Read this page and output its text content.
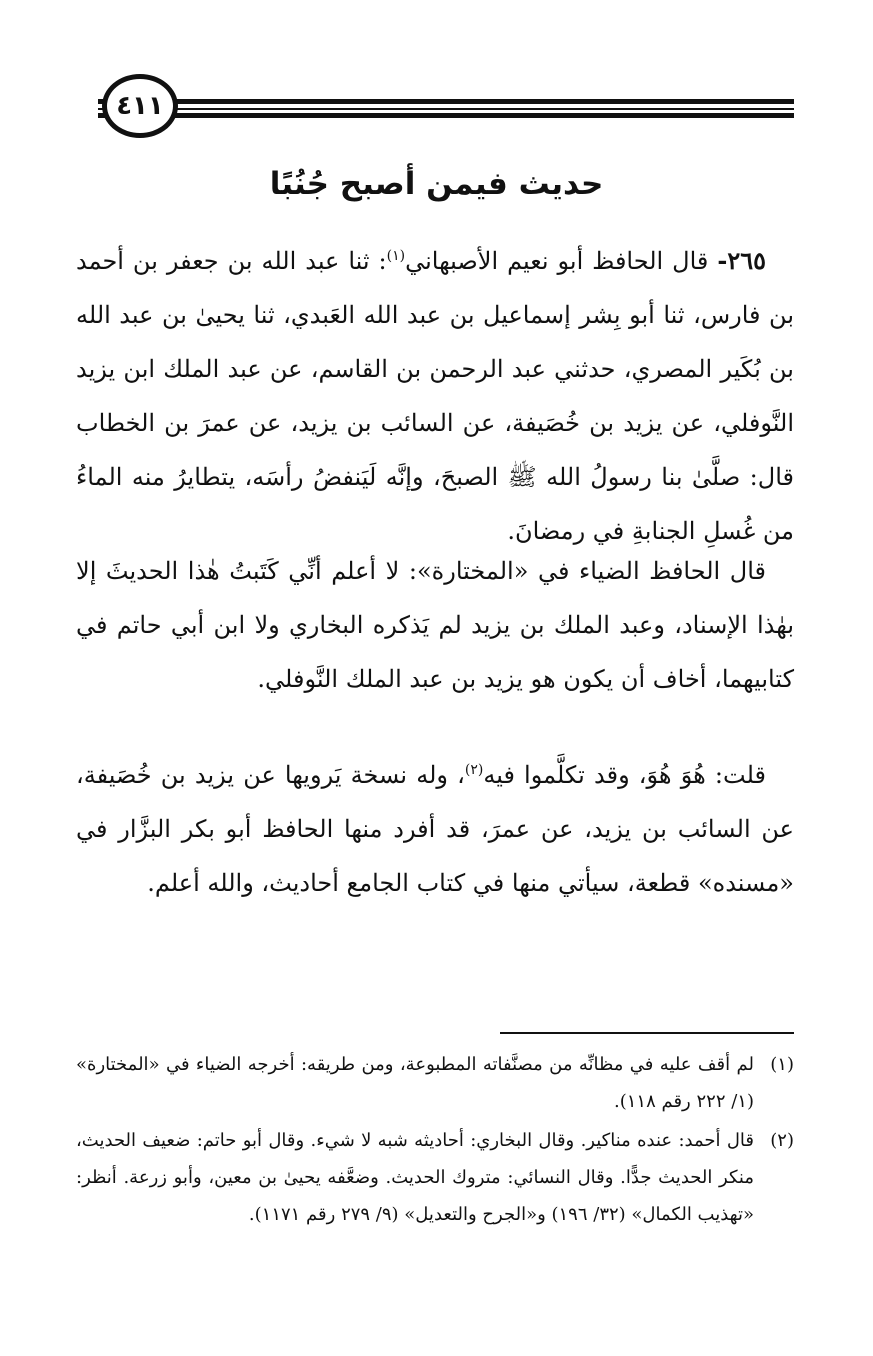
٤١١
حديث فيمن أصبح جُنُبًا

٢٦٥- قال الحافظ أبو نعيم الأصبهاني$^{(١)}$: ثنا عبد الله بن جعفر بن أحمد بن فارس، ثنا أبو بِشر إسماعيل بن عبد الله العَبدي، ثنا يحيىٰ بن عبد الله بن بُكَير المصري، حدثني عبد الرحمن بن القاسم، عن عبد الملك ابن يزيد النَّوفلي، عن يزيد بن خُصَيفة، عن السائب بن يزيد، عن عمرَ بن الخطاب قال: صلَّىٰ بنا رسولُ الله ﷺ الصبحَ، وإنَّه لَيَنفضُ رأسَه، يتطايرُ منه الماءُ من غُسلِ الجنابةِ في رمضانَ.

قال الحافظ الضياء في «المختارة»: لا أعلم أنِّي كَتَبتُ هٰذا الحديثَ إلا بهٰذا الإسناد، وعبد الملك بن يزيد لم يَذكره البخاري ولا ابن أبي حاتم في كتابيهما، أخاف أن يكون هو يزيد بن عبد الملك النَّوفلي.

قلت: هُوَ هُوَ، وقد تكلَّموا فيه$^{(٢)}$، وله نسخة يَرويها عن يزيد بن خُصَيفة، عن السائب بن يزيد، عن عمرَ، قد أفرد منها الحافظ أبو بكر البزَّار في «مسنده» قطعة، سيأتي منها في كتاب الجامع أحاديث، والله أعلم.

(١)
لم أقف عليه في مظانِّه من مصنَّفاته المطبوعة، ومن طريقه: أخرجه الضياء في «المختارة» (١/ ٢٢٢ رقم ١١٨).
(٢)
قال أحمد: عنده مناكير. وقال البخاري: أحاديثه شبه لا شيء. وقال أبو حاتم: ضعيف الحديث، منكر الحديث جدًّا. وقال النسائي: متروك الحديث. وضعَّفه يحيىٰ بن معين، وأبو زرعة. أنظر: «تهذيب الكمال» (٣٢/ ١٩٦) و«الجرح والتعديل» (٩/ ٢٧٩ رقم ١١٧١).
